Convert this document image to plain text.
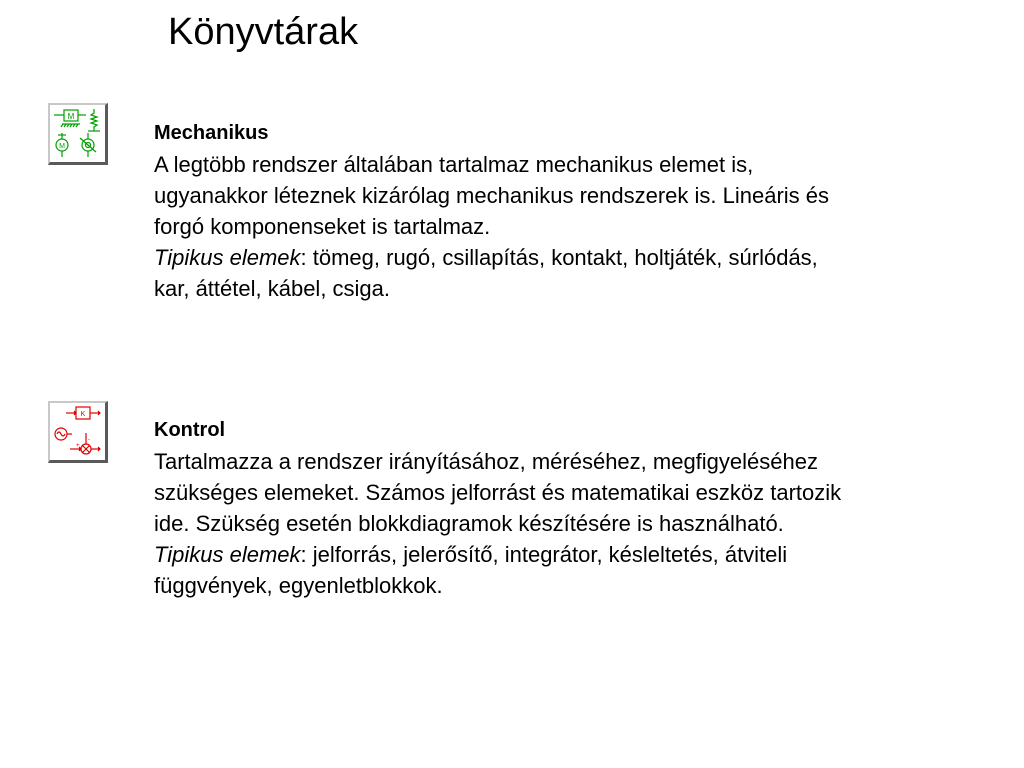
Könyvtárak
M
M
Mechanikus

A legtöbb rendszer általában tartalmaz mechanikus elemet is,
ugyanakkor léteznek kizárólag mechanikus rendszerek is. Lineáris és
forgó komponenseket is tartalmaz.
Tipikus elemek: tömeg, rugó, csillapítás, kontakt, holtjáték, súrlódás,
kar, áttétel, kábel, csiga.

K
+
-	Kontrol

Tartalmazza a rendszer irányításához, méréséhez, megfigyeléséhez
szükséges elemeket. Számos jelforrást és matematikai eszköz tartozik
ide. Szükség esetén blokkdiagramok készítésére is használható.
Tipikus elemek: jelforrás, jelerősítő, integrátor, késleltetés, átviteli
függvények, egyenletblokkok.
